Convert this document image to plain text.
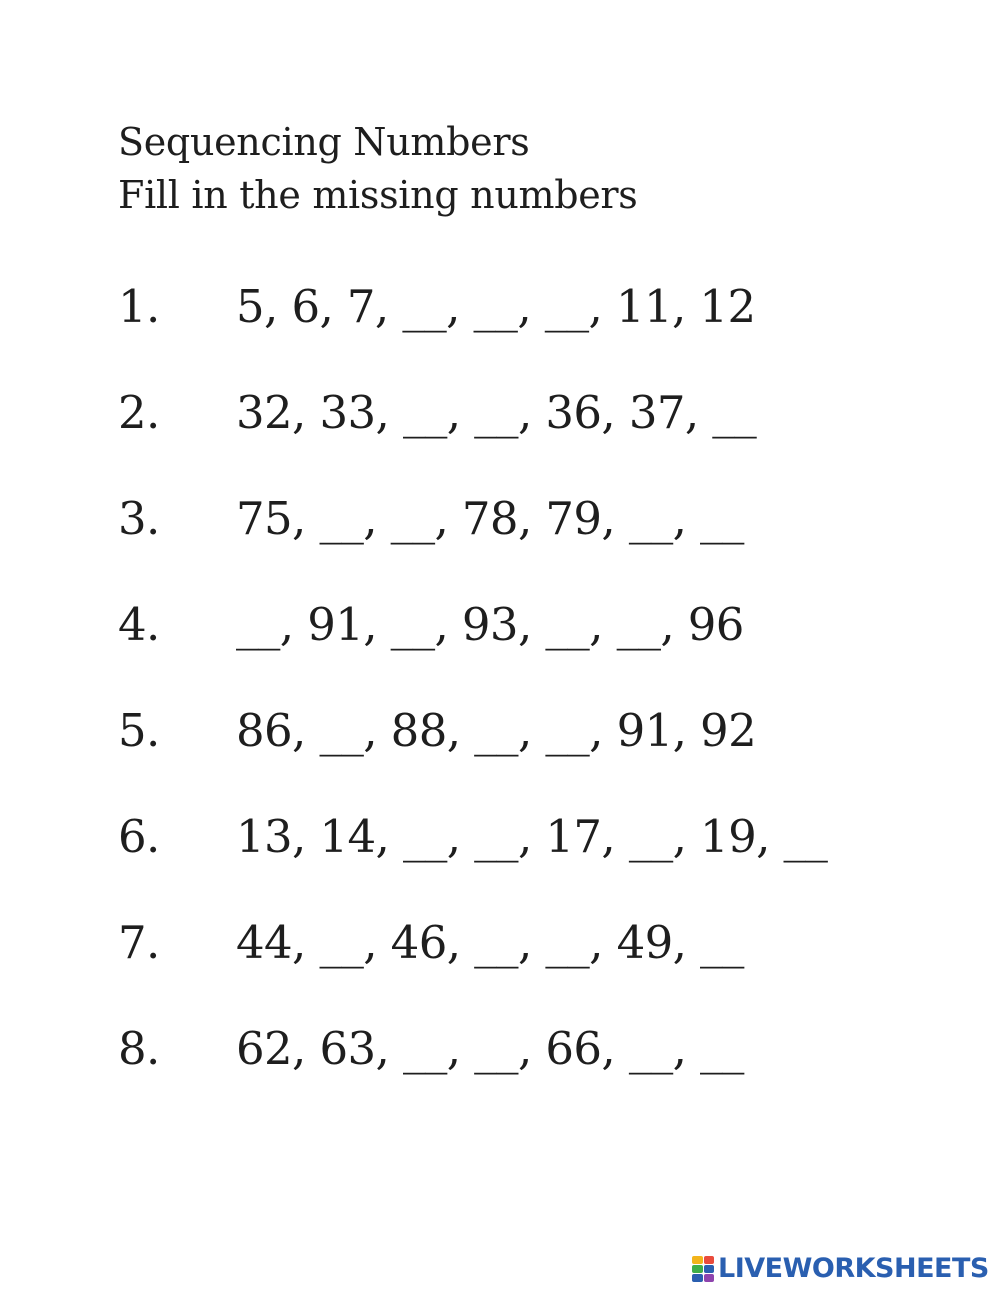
Sequencing Numbers
Fill in the missing numbers
1. 5, 6, 7, __, __, __, 11, 12
2. 32, 33, __, __, 36, 37, __
3. 75, __, __, 78, 79, __, __
4. __, 91, __, 93, __, __, 96
5. 86, __, 88, __, __, 91, 92
6. 13, 14, __, __, 17, __, 19, __
7. 44, __, 46, __, __, 49, __
8. 62, 63, __, __, 66, __, __
LIVEWORKSHEETS
